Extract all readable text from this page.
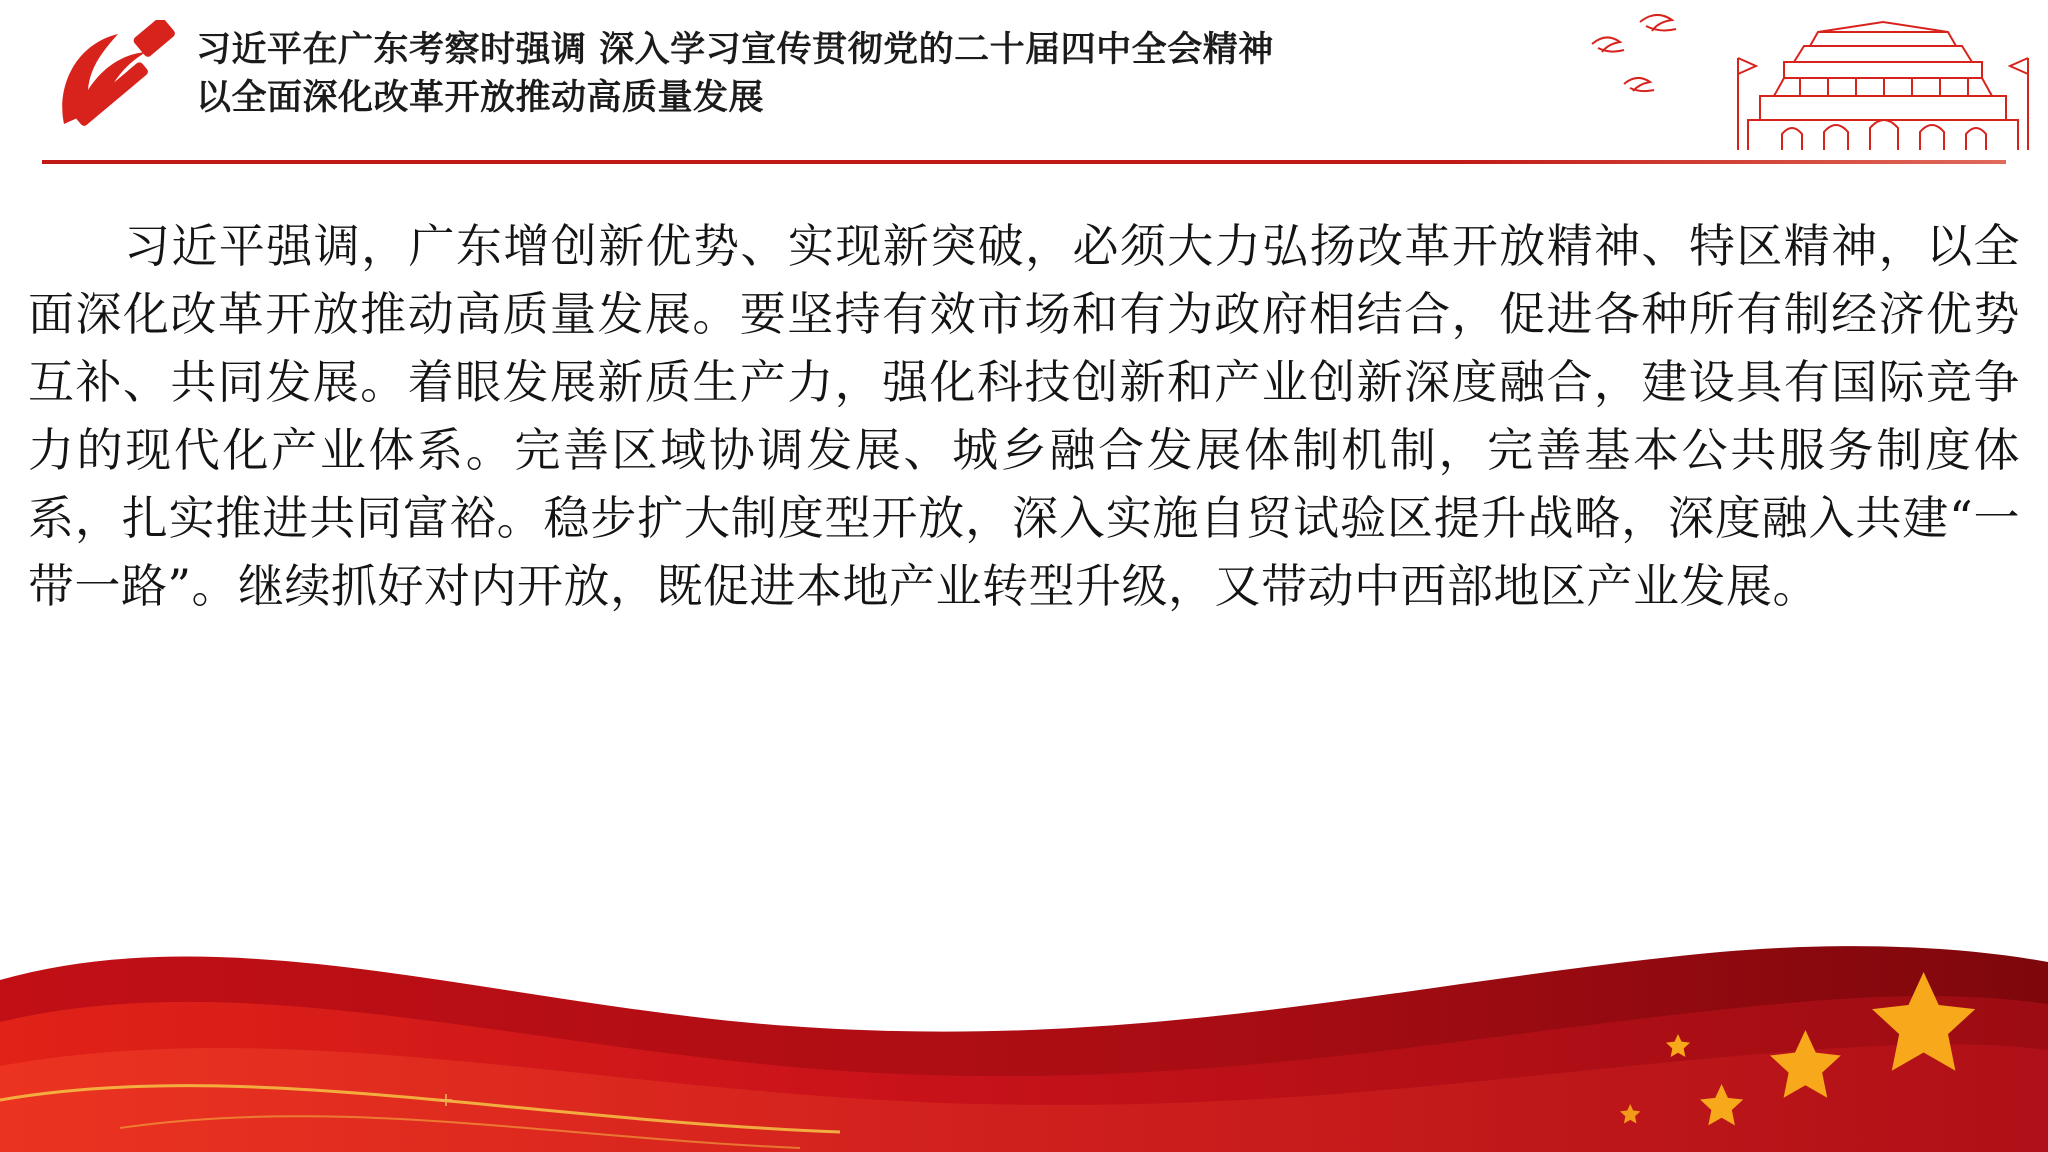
习近平在广东考察时强调 深入学习宣传贯彻党的二十届四中全会精神
以全面深化改革开放推动高质量发展
习近平强调，广东增创新优势、实现新突破，必须大力弘扬改革开放精神、特区精神，以全面深化改革开放推动高质量发展。要坚持有效市场和有为政府相结合，促进各种所有制经济优势互补、共同发展。着眼发展新质生产力，强化科技创新和产业创新深度融合，建设具有国际竞争力的现代化产业体系。完善区域协调发展、城乡融合发展体制机制，完善基本公共服务制度体系，扎实推进共同富裕。稳步扩大制度型开放，深入实施自贸试验区提升战略，深度融入共建“一带一路”。继续抓好对内开放，既促进本地产业转型升级，又带动中西部地区产业发展。
